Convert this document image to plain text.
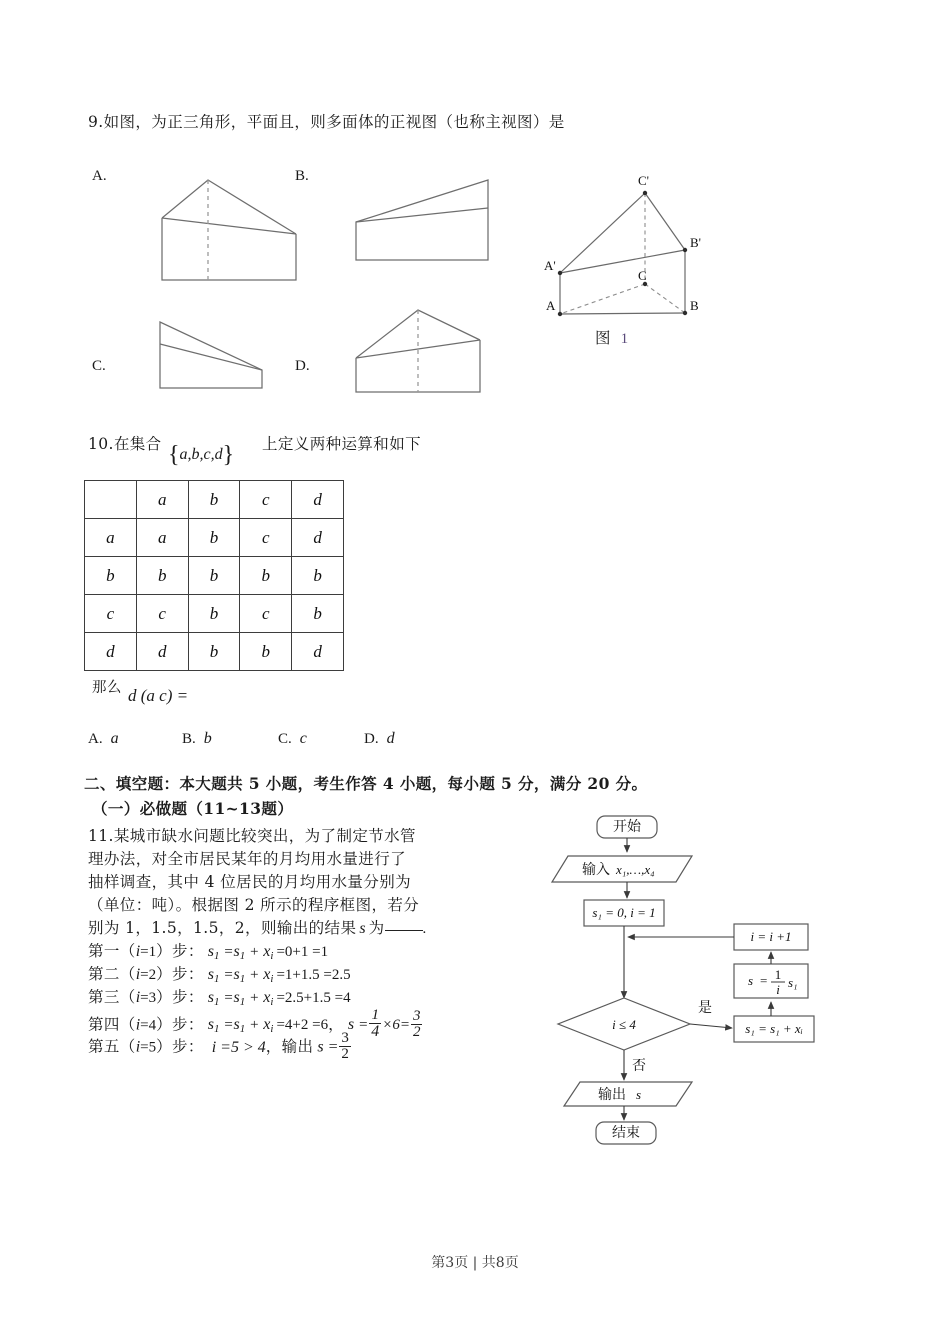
9.如图，为正三角形，平面且，则多面体的正视图（也称主视图）是
A.	B.
C.	D.
C'
B'
A'
C
A	B
图 1
10.在集合 {a,b,c,d} 上定义两种运算和如下
	a	b	c	d
a	a	b	c	d
b	b	b	b	b
c	c	b	c	b
d	d	b	b	d
那么 d (a c) =
A. a	B. b	C. c	D. d
二、填空题：本大题共 5 小题，考生作答 4 小题，每小题 5 分，满分 20 分。
（一）必做题（11~13题）
11.某城市缺水问题比较突出，为了制定节水管
理办法，对全市居民某年的月均用水量进行了
抽样调查，其中 4 位居民的月均用水量分别为
（单位：吨）。根据图 2 所示的程序框图，若分
别为 1，1.5，1.5，2，则输出的结果 s 为	.
第一（i=1）步： $s_1 =s_1 + x_i =0+1 =1$
第二（i=2）步： $s_1 =s_1 + x_i =1+1.5 =2.5$
第三（i=3）步： $s_1 =s_1 + x_i =2.5+1.5 =4$
第四（i=4）步： $s_1 =s_1 + x_i =4+2 =6$， $s = \frac{1}{4} \times 6= \frac{3}{2}$
第五（i=5）步： i =5 > 4，输出 $s = \frac{3}{2}$
开始
输入 x₁,…,x₄
s₁ = 0, i = 1
i = i +1
s = 1
i s₁
s₁ = s₁ + xᵢ
i ≤ 4
是
否
输出 s
结束
第3页 | 共8页
